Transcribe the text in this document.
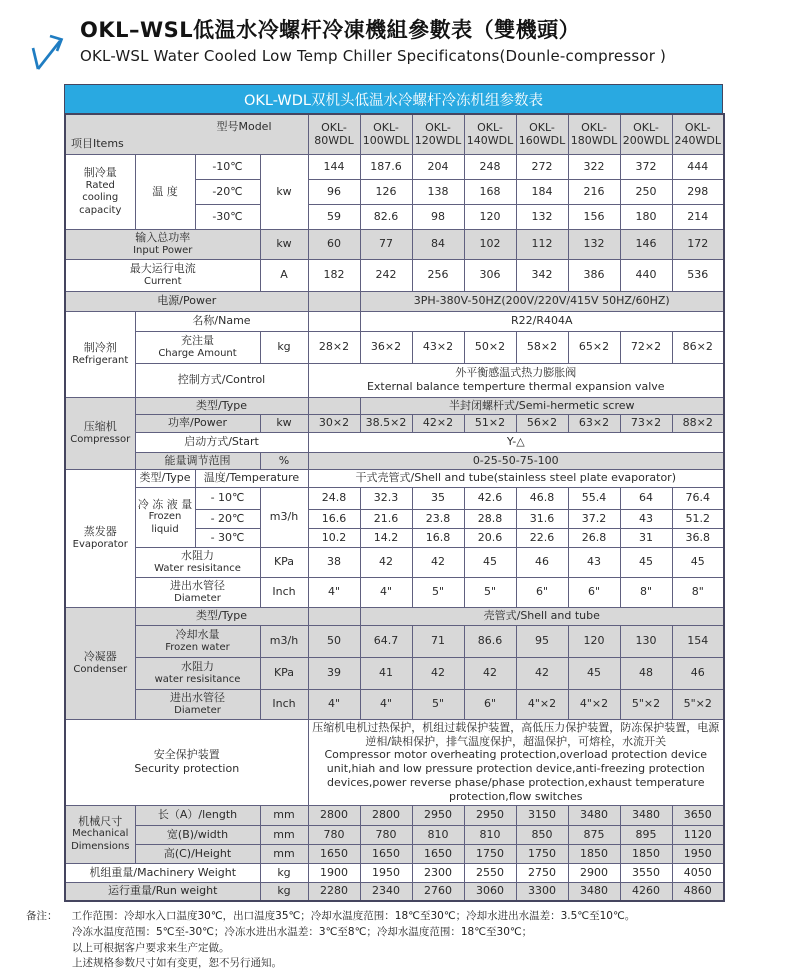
OKL–WSL低温水冷螺杆冷凍機組參數表（雙機頭）
OKL-WSL Water Cooled Low Temp Chiller Specificatons(Dounle-compressor )
OKL-WDL双机头低温水冷螺杆冷冻机组参数表
项目Items
型号Model				OKL-80WDL	OKL-100WDL	OKL-120WDL	OKL-140WDL	OKL-160WDL	OKL-180WDL	OKL-200WDL	OKL-240WDL

制冷量
Rated cooling capacity	温 度	-10℃	kw	144	187.6	204	248	272	322	372	444
		-20℃		96	126	138	168	184	216	250	298
		-30℃		59	82.6	98	120	132	156	180	214

输入总功率
Input Power			kw	60	77	84	102	112	132	146	172

最大运行电流
Current			A	182	242	256	306	342	386	440	536
电源/Power					3PH-380V-50HZ(200V/220V/415V 50HZ/60HZ)						

制冷剂
Refrigerant	名称/Name				R22/R404A						

	充注量
Charge Amount		kg	28×2	36×2	43×2	50×2	58×2	65×2	72×2	86×2
	控制方式/Control			外平衡感温式热力膨胀阀
External balance temperture thermal expansion valve							

压缩机
Compressor	类型/Type				半封闭螺杆式/Semi-hermetic screw						
	功率/Power		kw	30×2	38.5×2	42×2	51×2	56×2	63×2	73×2	88×2
	启动方式/Start			Y-△							
	能量调节范围		%	0-25-50-75-100							

蒸发器
Evaporator	类型/Type	温度/Temperature		干式壳管式/Shell and tube(stainless steel plate evaporator)							

	冷 冻 液 量
Frozen liquid	- 10℃	m3/h	24.8	32.3	35	42.6	46.8	55.4	64	76.4
		- 20℃		16.6	21.6	23.8	28.8	31.6	37.2	43	51.2
		- 30℃		10.2	14.2	16.8	20.6	22.6	26.8	31	36.8

	水阻力
Water resisitance		KPa	38	42	42	45	46	43	45	45

	进出水管径
Diameter		Inch	4"	4"	5"	5"	6"	6"	8"	8"

冷凝器
Condenser	类型/Type				壳管式/Shell and tube						

	冷却水量
Frozen water		m3/h	50	64.7	71	86.6	95	120	130	154

	水阻力
water resisitance		KPa	39	41	42	42	42	45	48	46

	进出水管径
Diameter		Inch	4"	4"	5"	6"	4"×2	4"×2	5"×2	5"×2

安全保护装置
Security protection				压缩机电机过热保护，机组过载保护装置，高低压力保护装置，防冻保护装置，电源逆相/缺相保护，排气温度保护，超温保护，可熔栓，水流开关
Compressor motor overheating protection,overload protection device unit,hiah and low pressure protection device,anti-freezing protection devices,power reverse phase/phase protection,exhaust temperature protection,flow switches							

机械尺寸
Mechanical Dimensions	长（A）/length		mm	2800	2800	2950	2950	3150	3480	3480	3650
	宽(B)/width		mm	780	780	810	810	850	875	895	1120
	高(C)/Height		mm	1650	1650	1650	1750	1750	1850	1850	1950
机组重量/Machinery Weight			kg	1900	1950	2300	2550	2750	2900	3550	4050
运行重量/Run weight			kg	2280	2340	2760	3060	3300	3480	4260	4860
备注： 工作范围：冷却水入口温度30℃，出口温度35℃；冷却水温度范围：18℃至30℃；冷却水进出水温差：3.5℃至10℃。
冷冻水温度范围：5℃至-30℃；冷冻水进出水温差：3℃至8℃；冷却水温度范围：18℃至30℃；
以上可根据客户要求来生产定做。
上述规格参数尺寸如有变更，恕不另行通知。
